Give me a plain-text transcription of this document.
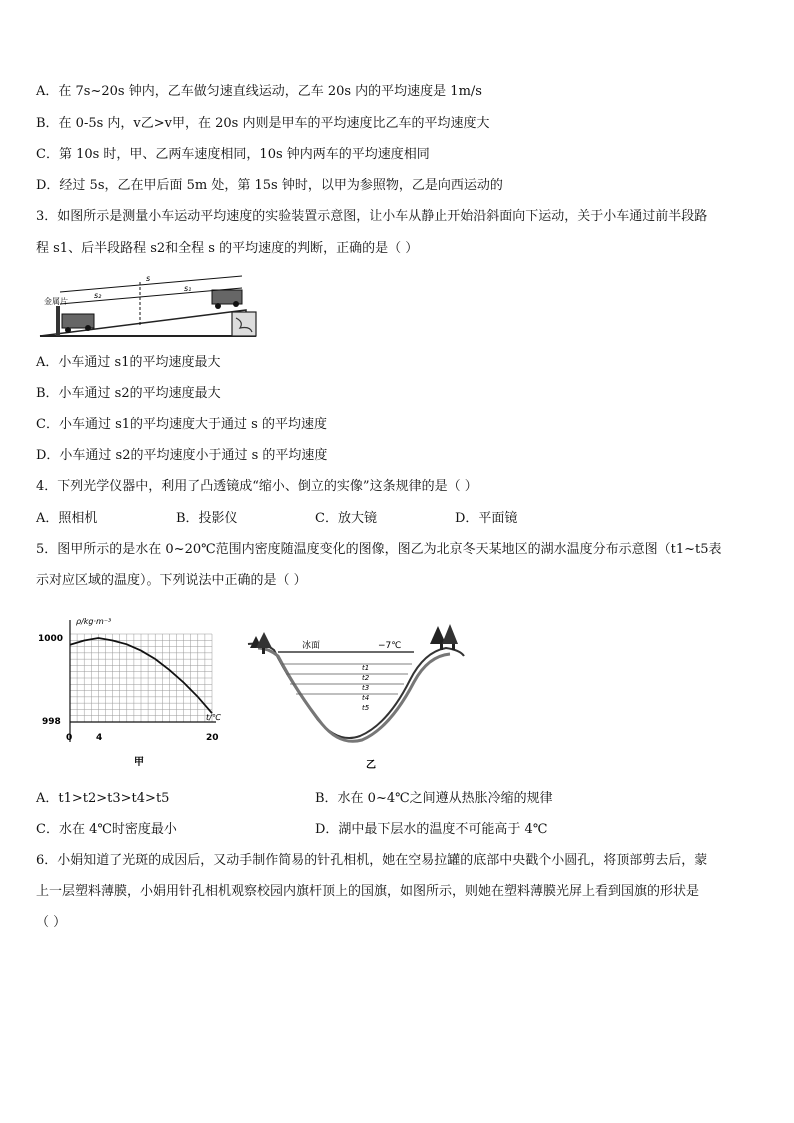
A．在 7s~20s 钟内，乙车做匀速直线运动，乙车 20s 内的平均速度是 1m/s
B．在 0-5s 内，v乙>v甲，在 20s 内则是甲车的平均速度比乙车的平均速度大
C．第 10s 时，甲、乙两车速度相同，10s 钟内两车的平均速度相同
D．经过 5s，乙在甲后面 5m 处，第 15s 钟时，以甲为参照物，乙是向西运动的
3．如图所示是测量小车运动平均速度的实验装置示意图，让小车从静止开始沿斜面向下运动，关于小车通过前半段路
程 s1、后半段路程 s2和全程 s 的平均速度的判断，正确的是（ ）
金属片
s
s₂
s₁
A．小车通过 s1的平均速度最大
B．小车通过 s2的平均速度最大
C．小车通过 s1的平均速度大于通过 s 的平均速度
D．小车通过 s2的平均速度小于通过 s 的平均速度
4．下列光学仪器中，利用了凸透镜成“缩小、倒立的实像”这条规律的是（ ）
A．照相机	B．投影仪	C．放大镜	D．平面镜
5．图甲所示的是水在 0~20℃范围内密度随温度变化的图像，图乙为北京冬天某地区的湖水温度分布示意图（t1~t5表
示对应区域的温度）。下列说法中正确的是（ ）
ρ/kg·m⁻³
t/℃
1000
998
0	4	20
甲
冰面	−7℃
t1
t2
t3
t4
t5
乙
A．t1>t2>t3>t4>t5	B．水在 0~4℃之间遵从热胀冷缩的规律
C．水在 4℃时密度最小	D．湖中最下层水的温度不可能高于 4℃
6．小娟知道了光斑的成因后，又动手制作简易的针孔相机，她在空易拉罐的底部中央戳个小圆孔，将顶部剪去后，蒙
上一层塑料薄膜，小娟用针孔相机观察校园内旗杆顶上的国旗，如图所示，则她在塑料薄膜光屏上看到国旗的形状是
（ ）
